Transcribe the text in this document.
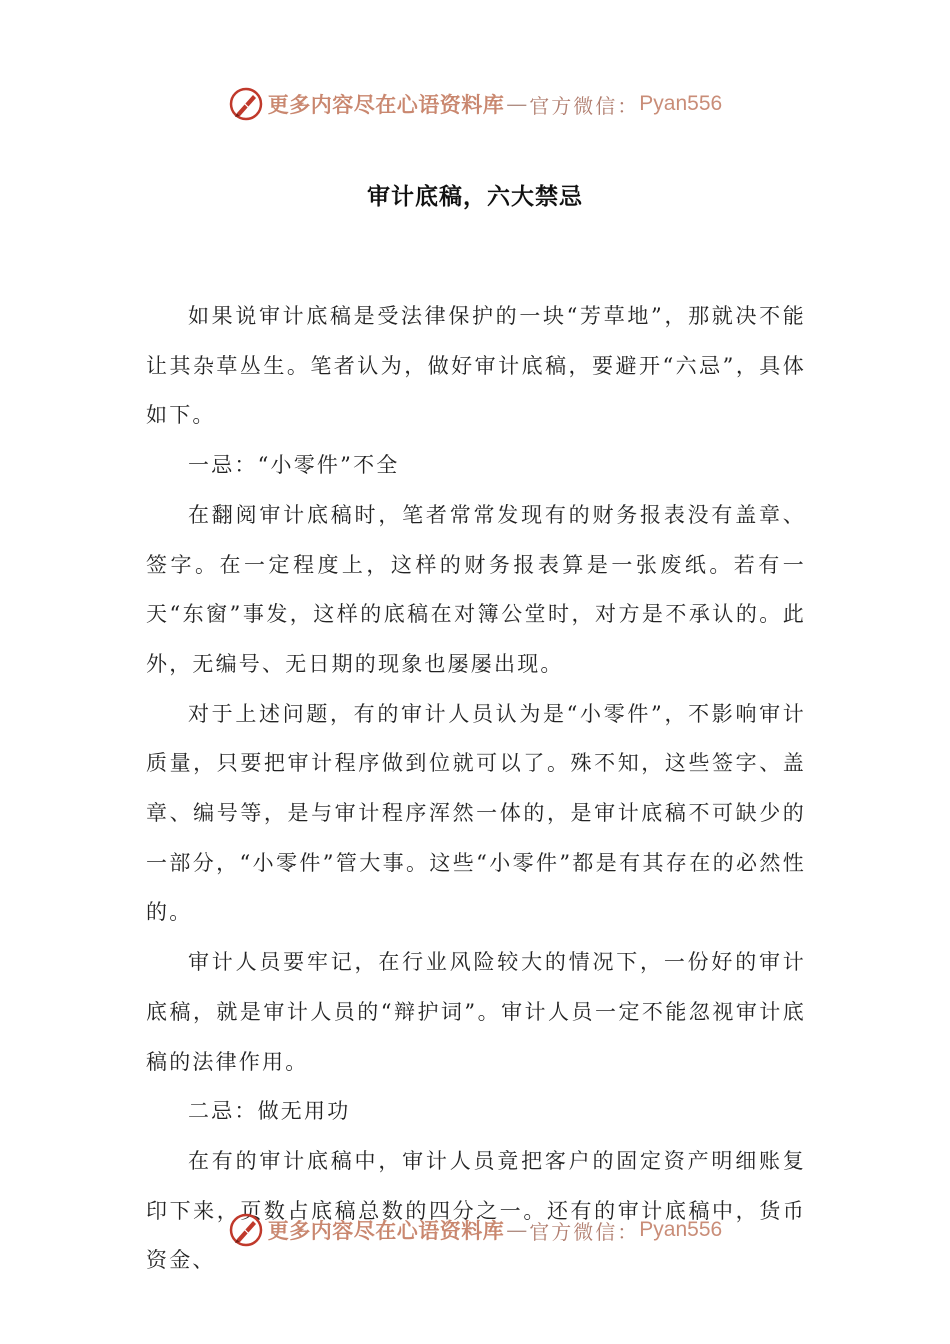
更多内容尽在心语资料库 — 官方微信： Pyan556
审计底稿，六大禁忌

如果说审计底稿是受法律保护的一块“芳草地”，那就决不能让其杂草丛生。笔者认为，做好审计底稿，要避开“六忌”，具体如下。

一忌：“小零件”不全

在翻阅审计底稿时，笔者常常发现有的财务报表没有盖章、签字。在一定程度上，这样的财务报表算是一张废纸。若有一天“东窗”事发，这样的底稿在对簿公堂时，对方是不承认的。此外，无编号、无日期的现象也屡屡出现。

对于上述问题，有的审计人员认为是“小零件”，不影响审计质量，只要把审计程序做到位就可以了。殊不知，这些签字、盖章、编号等，是与审计程序浑然一体的，是审计底稿不可缺少的一部分，“小零件”管大事。这些“小零件”都是有其存在的必然性的。

审计人员要牢记，在行业风险较大的情况下，一份好的审计底稿，就是审计人员的“辩护词”。审计人员一定不能忽视审计底稿的法律作用。

二忌：做无用功

在有的审计底稿中，审计人员竟把客户的固定资产明细账复印下来，页数占底稿总数的四分之一。还有的审计底稿中，货币资金、

更多内容尽在心语资料库 — 官方微信： Pyan556
